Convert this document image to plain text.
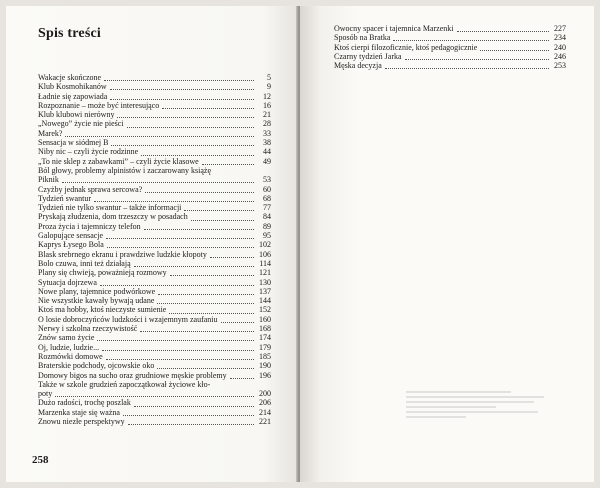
Spis treści
Wakacje skończone	5
Klub Kosmohikanów	9
Ładnie się zapowiada	12
Rozpoznanie – może być interesująco	16
Klub klubowi nierówny	21
„Nowego” życie nie pieści	28
Marek?	33
Sensacja w siódmej B	38
Niby nic – czyli życie rodzinne	44
„To nie sklep z zabawkami” – czyli życie klasowe	49
Ból głowy, problemy alpinistów i zaczarowany książę
Piknik	53
Czyżby jednak sprawa sercowa?	60
Tydzień swantur	68
Tydzień nie tylko swantur – także informacji	77
Pryskają złudzenia, dom trzeszczy w posadach	84
Proza życia i tajemniczy telefon	89
Galopujące sensacje	95
Kaprys Łysego Bola	102
Blask srebrnego ekranu i prawdziwe ludzkie kłopoty	106
Bolo czuwa, inni też działają	114
Plany się chwieją, poważnieją rozmowy	121
Sytuacja dojrzewa	130
Nowe plany, tajemnice podwórkowe	137
Nie wszystkie kawały bywają udane	144
Ktoś ma hobby, ktoś nieczyste sumienie	152
O losie dobroczyńców ludzkości i wzajemnym zaufaniu	160
Nerwy i szkolna rzeczywistość	168
Znów samo życie	174
Oj, ludzie, ludzie...	179
Rozmówki domowe	185
Braterskie podchody, ojcowskie oko	190
Domowy bigos na sucho oraz grudniowe męskie problemy	196
Także w szkole grudzień zapoczątkował życiowe kło-
poty	200
Dużo radości, trochę poszlak	206
Marzenka staje się ważna	214
Znowu niezłe perspektywy	221
258
Owocny spacer i tajemnica Marzenki	227
Sposób na Bratka	234
Ktoś cierpi filozoficznie, ktoś pedagogicznie	240
Czarny tydzień Jarka	246
Męska decyzja	253
